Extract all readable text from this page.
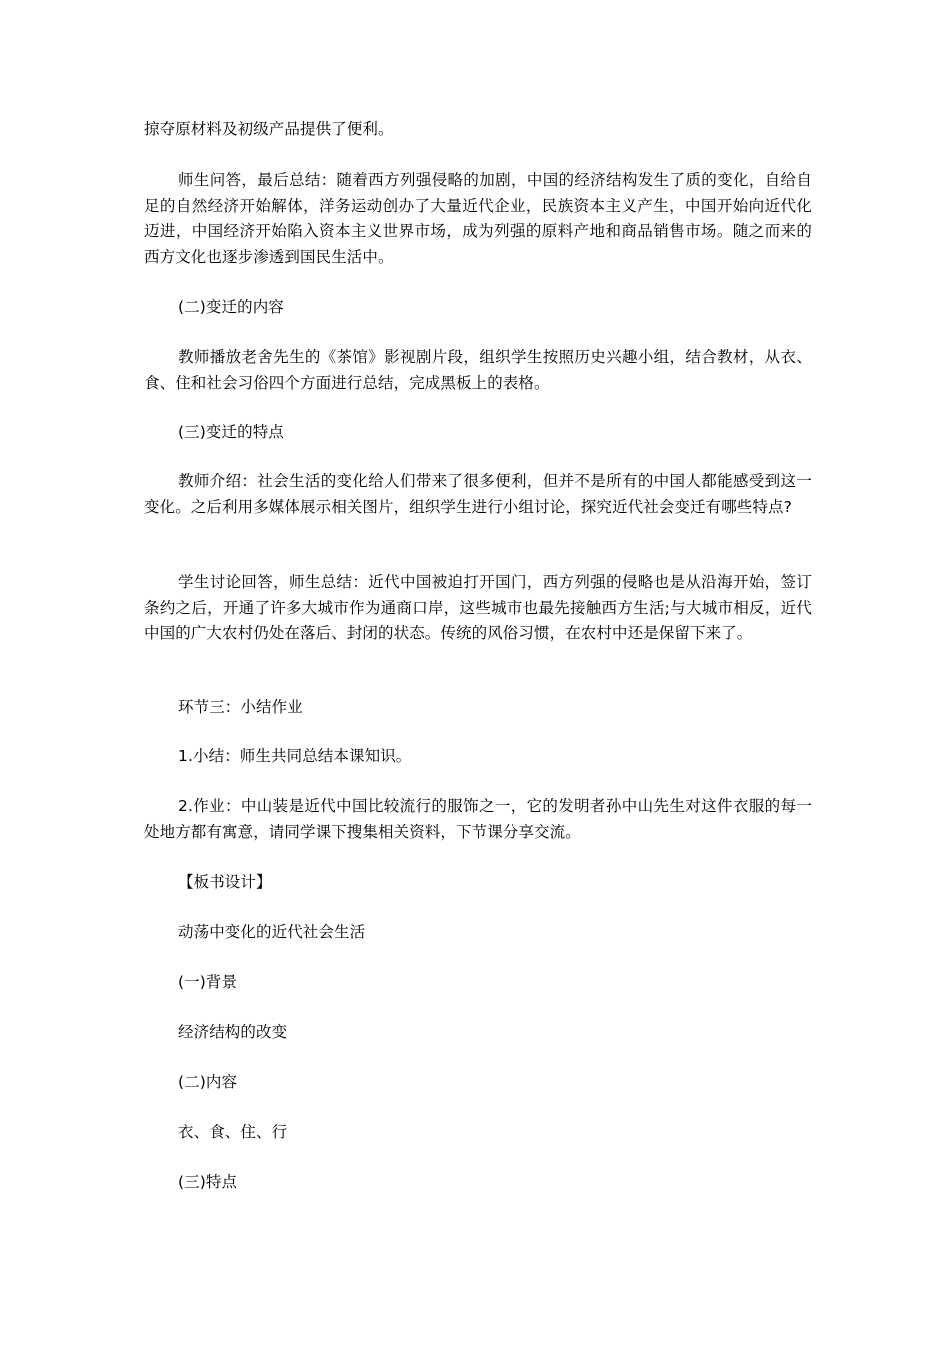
掠夺原材料及初级产品提供了便利。

师生问答，最后总结：随着西方列强侵略的加剧，中国的经济结构发生了质的变化，自给自足的自然经济开始解体，洋务运动创办了大量近代企业，民族资本主义产生，中国开始向近代化迈进，中国经济开始陷入资本主义世界市场，成为列强的原料产地和商品销售市场。随之而来的西方文化也逐步渗透到国民生活中。

(二)变迁的内容

教师播放老舍先生的《茶馆》影视剧片段，组织学生按照历史兴趣小组，结合教材，从衣、食、住和社会习俗四个方面进行总结，完成黑板上的表格。

(三)变迁的特点

教师介绍：社会生活的变化给人们带来了很多便利，但并不是所有的中国人都能感受到这一变化。之后利用多媒体展示相关图片，组织学生进行小组讨论，探究近代社会变迁有哪些特点?

学生讨论回答，师生总结：近代中国被迫打开国门，西方列强的侵略也是从沿海开始，签订条约之后，开通了许多大城市作为通商口岸，这些城市也最先接触西方生活;与大城市相反，近代中国的广大农村仍处在落后、封闭的状态。传统的风俗习惯，在农村中还是保留下来了。

环节三：小结作业

1.小结：师生共同总结本课知识。

2.作业：中山装是近代中国比较流行的服饰之一，它的发明者孙中山先生对这件衣服的每一处地方都有寓意，请同学课下搜集相关资料，下节课分享交流。

【板书设计】

动荡中变化的近代社会生活

(一)背景

经济结构的改变

(二)内容

衣、食、住、行

(三)特点
